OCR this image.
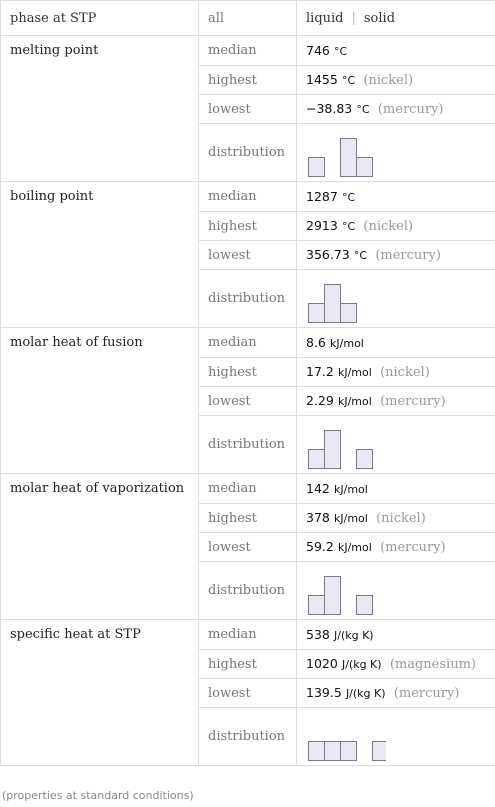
phase at STP	all	liquid | solid
melting point	median	746 °C
	highest	1455 °C (nickel)
	lowest	−38.83 °C (mercury)
	distribution	

boiling point	median	1287 °C
	highest	2913 °C (nickel)
	lowest	356.73 °C (mercury)
	distribution	

molar heat of fusion	median	8.6 kJ/mol
	highest	17.2 kJ/mol (nickel)
	lowest	2.29 kJ/mol (mercury)
	distribution	

molar heat of vaporization	median	142 kJ/mol
	highest	378 kJ/mol (nickel)
	lowest	59.2 kJ/mol (mercury)
	distribution	

specific heat at STP	median	538 J/(kg K)
	highest	1020 J/(kg K) (magnesium)
	lowest	139.5 J/(kg K) (mercury)
	distribution	
(properties at standard conditions)
